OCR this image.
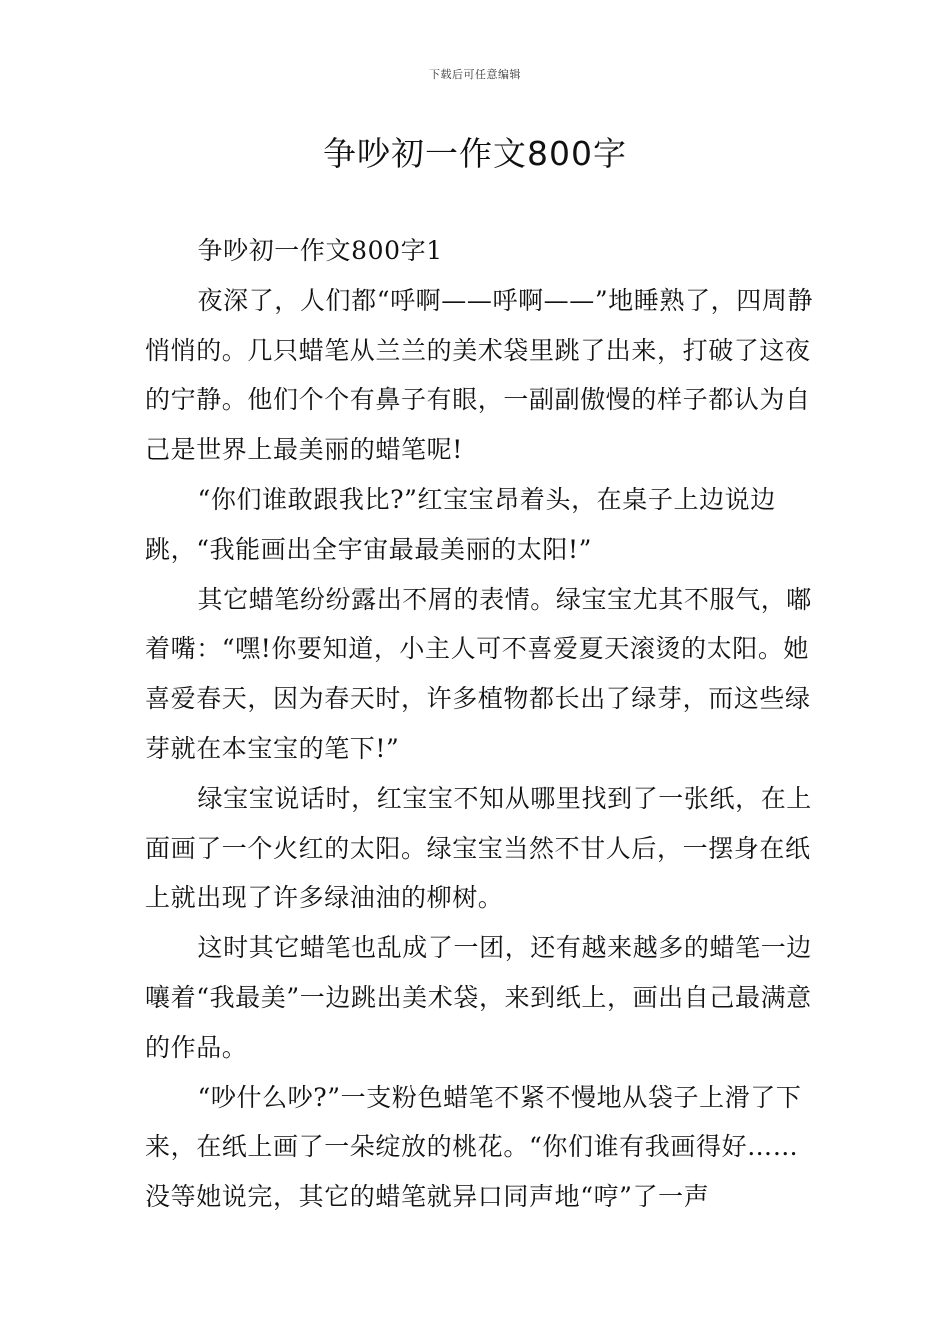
下载后可任意编辑
争吵初一作文800字

争吵初一作文800字1

夜深了，人们都“呼啊——呼啊——”地睡熟了，四周静悄悄的。几只蜡笔从兰兰的美术袋里跳了出来，打破了这夜的宁静。他们个个有鼻子有眼，一副副傲慢的样子都认为自己是世界上最美丽的蜡笔呢!

“你们谁敢跟我比?”红宝宝昂着头，在桌子上边说边跳，“我能画出全宇宙最最美丽的太阳!”

其它蜡笔纷纷露出不屑的表情。绿宝宝尤其不服气，嘟着嘴：“嘿!你要知道，小主人可不喜爱夏天滚烫的太阳。她喜爱春天，因为春天时，许多植物都长出了绿芽，而这些绿芽就在本宝宝的笔下!”

绿宝宝说话时，红宝宝不知从哪里找到了一张纸，在上面画了一个火红的太阳。绿宝宝当然不甘人后，一摆身在纸上就出现了许多绿油油的柳树。

这时其它蜡笔也乱成了一团，还有越来越多的蜡笔一边嚷着“我最美”一边跳出美术袋，来到纸上，画出自己最满意的作品。

“吵什么吵?”一支粉色蜡笔不紧不慢地从袋子上滑了下来，在纸上画了一朵绽放的桃花。“你们谁有我画得好……没等她说完，其它的蜡笔就异口同声地“哼”了一声
